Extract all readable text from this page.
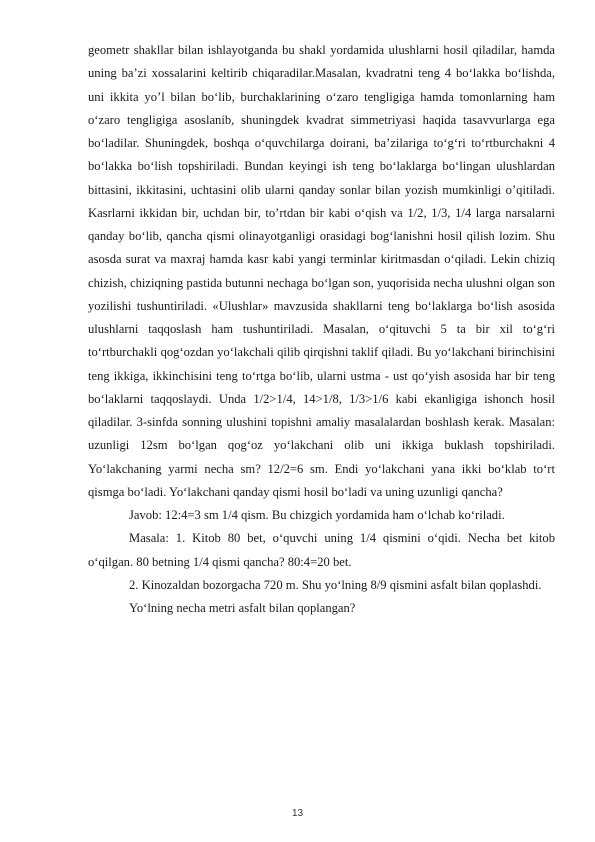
geometr shakllar bilan ishlayotganda bu shakl yordamida ulushlarni hosil qiladilar, hamda uning ba’zi xossalarini keltirib chiqaradilar.Masalan, kvadratni teng 4 bo‘lakka bo‘lishda, uni ikkita yo’l bilan bo‘lib, burchaklarining o‘zaro tengligiga hamda tomonlarning ham o‘zaro tengligiga asoslanib, shuningdek kvadrat simmetriyasi haqida tasavvurlarga ega bo‘ladilar. Shuningdek, boshqa o‘quvchilarga doirani, ba’zilariga to‘g‘ri to‘rtburchakni 4 bo‘lakka bo‘lish topshiriladi. Bundan keyingi ish teng bo‘laklarga bo‘lingan ulushlardan bittasini, ikkitasini, uchtasini olib ularni qanday sonlar bilan yozish mumkinligi o’qitiladi. Kasrlarni ikkidan bir, uchdan bir, to’rtdan bir kabi o‘qish va 1/2, 1/3, 1/4 larga narsalarni qanday bo‘lib, qancha qismi olinayotganligi orasidagi bog‘lanishni hosil qilish lozim. Shu asosda surat va maxraj hamda kasr kabi yangi terminlar kiritmasdan o‘qiladi. Lekin chiziq chizish, chiziqning pastida butunni nechaga bo‘lgan son, yuqorisida necha ulushni olgan son yozilishi tushuntiriladi. «Ulushlar» mavzusida shakllarni teng bo‘laklarga bo‘lish asosida ulushlarni taqqoslash ham tushuntiriladi. Masalan, o‘qituvchi 5 ta bir xil to‘g‘ri to‘rtburchakli qog‘ozdan yo‘lakchali qilib qirqishni taklif qiladi. Bu yo‘lakchani birinchisini teng ikkiga, ikkinchisini teng to‘rtga bo‘lib, ularni ustma - ust qo‘yish asosida har bir teng bo‘laklarni taqqoslaydi. Unda 1/2>1/4, 14>1/8, 1/3>1/6 kabi ekanligiga ishonch hosil qiladilar. 3-sinfda sonning ulushini topishni amaliy masalalardan boshlash kerak. Masalan: uzunligi 12sm bo‘lgan qog‘oz yo‘lakchani olib uni ikkiga buklash topshiriladi. Yo‘lakchaning yarmi necha sm? 12/2=6 sm. Endi yo‘lakchani yana ikki bo‘klab to‘rt qismga bo‘ladi. Yo‘lakchani qanday qismi hosil bo‘ladi va uning uzunligi qancha?

Javob: 12:4=3 sm 1/4 qism. Bu chizgich yordamida ham o‘lchab ko‘riladi.

Masala: 1. Kitob 80 bet, o‘quvchi uning 1/4 qismini o‘qidi. Necha bet kitob o‘qilgan. 80 betning 1/4 qismi qancha? 80:4=20 bet.

2. Kinozaldan bozorgacha 720 m. Shu yo‘lning 8/9 qismini asfalt bilan qoplashdi.

Yo‘lning necha metri asfalt bilan qoplangan?

13
